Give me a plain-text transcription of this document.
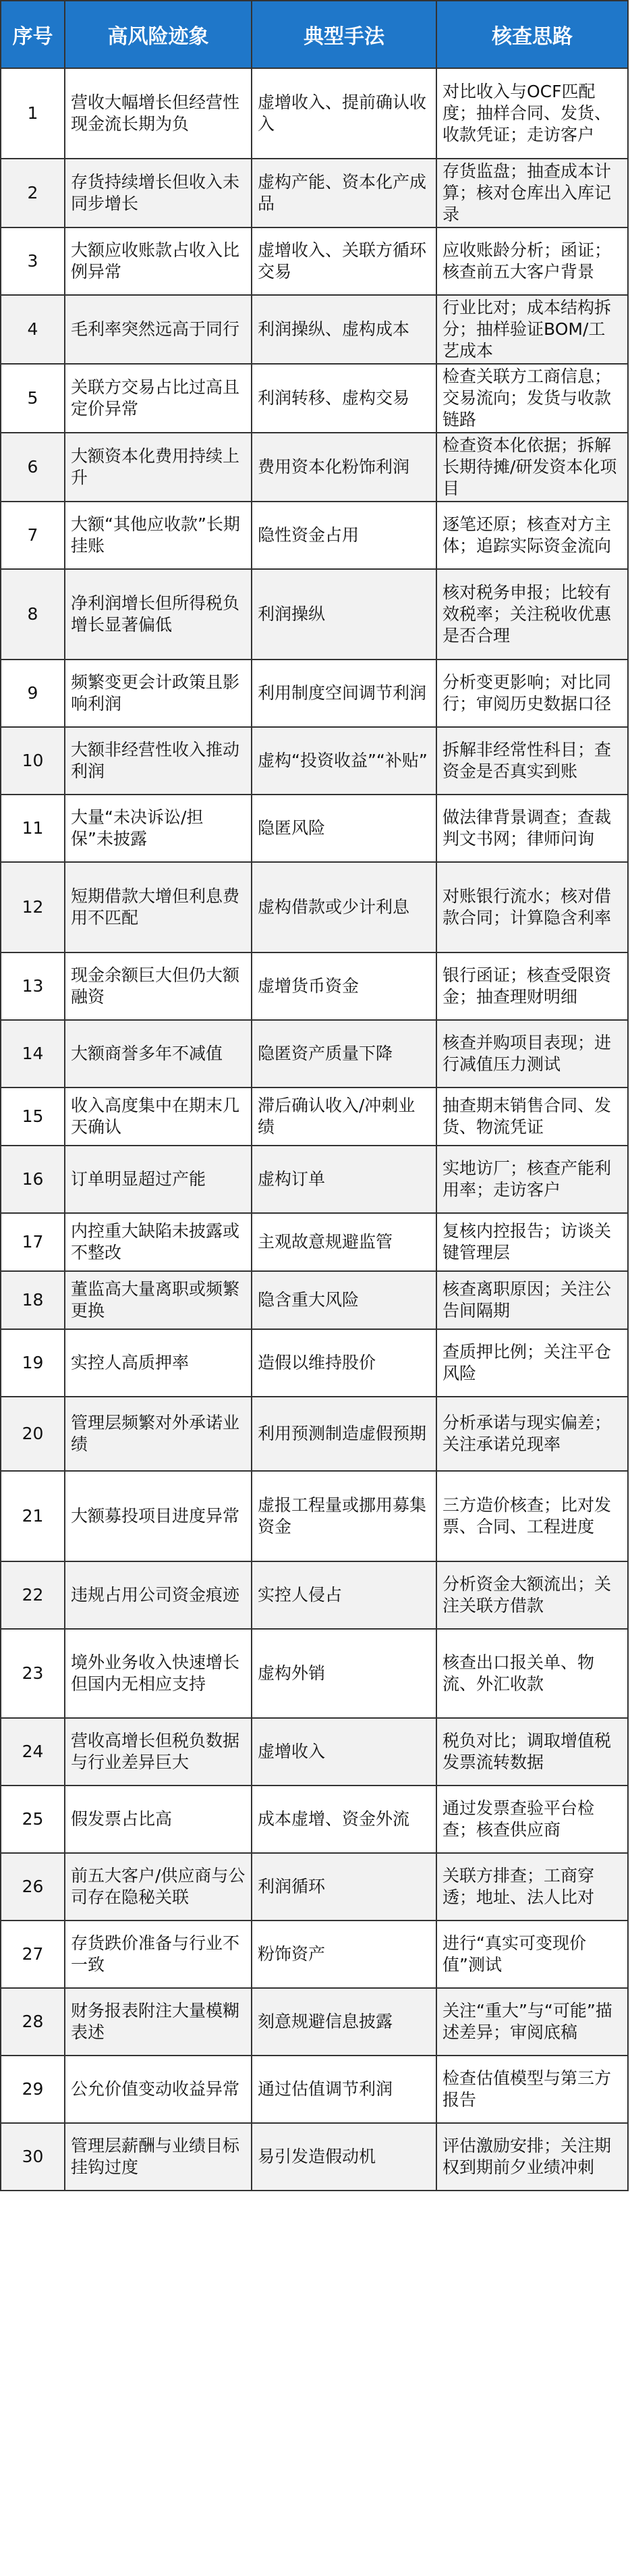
序号	高风险迹象	典型手法	核查思路
1	营收大幅增长但经营性现金流长期为负	虚增收入、提前确认收入	对比收入与OCF匹配度；抽样合同、发货、收款凭证；走访客户
2	存货持续增长但收入未同步增长	虚构产能、资本化产成品	存货监盘；抽查成本计算；核对仓库出入库记录
3	大额应收账款占收入比例异常	虚增收入、关联方循环交易	应收账龄分析；函证；核查前五大客户背景
4	毛利率突然远高于同行	利润操纵、虚构成本	行业比对；成本结构拆分；抽样验证BOM/工艺成本
5	关联方交易占比过高且定价异常	利润转移、虚构交易	检查关联方工商信息；交易流向；发货与收款链路
6	大额资本化费用持续上升	费用资本化粉饰利润	检查资本化依据；拆解长期待摊/研发资本化项目
7	大额“其他应收款”长期挂账	隐性资金占用	逐笔还原；核查对方主体；追踪实际资金流向
8	净利润增长但所得税负增长显著偏低	利润操纵	核对税务申报；比较有效税率；关注税收优惠是否合理
9	频繁变更会计政策且影响利润	利用制度空间调节利润	分析变更影响；对比同行；审阅历史数据口径
10	大额非经营性收入推动利润	虚构“投资收益”“补贴”	拆解非经常性科目；查资金是否真实到账
11	大量“未决诉讼/担保”未披露	隐匿风险	做法律背景调查；查裁判文书网；律师问询
12	短期借款大增但利息费用不匹配	虚构借款或少计利息	对账银行流水；核对借款合同；计算隐含利率
13	现金余额巨大但仍大额融资	虚增货币资金	银行函证；核查受限资金；抽查理财明细
14	大额商誉多年不减值	隐匿资产质量下降	核查并购项目表现；进行减值压力测试
15	收入高度集中在期末几天确认	滞后确认收入/冲刺业绩	抽查期末销售合同、发货、物流凭证
16	订单明显超过产能	虚构订单	实地访厂；核查产能利用率；走访客户
17	内控重大缺陷未披露或不整改	主观故意规避监管	复核内控报告；访谈关键管理层
18	董监高大量离职或频繁更换	隐含重大风险	核查离职原因；关注公告间隔期
19	实控人高质押率	造假以维持股价	查质押比例；关注平仓风险
20	管理层频繁对外承诺业绩	利用预测制造虚假预期	分析承诺与现实偏差；关注承诺兑现率
21	大额募投项目进度异常	虚报工程量或挪用募集资金	三方造价核查；比对发票、合同、工程进度
22	违规占用公司资金痕迹	实控人侵占	分析资金大额流出；关注关联方借款
23	境外业务收入快速增长但国内无相应支持	虚构外销	核查出口报关单、物流、外汇收款
24	营收高增长但税负数据与行业差异巨大	虚增收入	税负对比；调取增值税发票流转数据
25	假发票占比高	成本虚增、资金外流	通过发票查验平台检查；核查供应商
26	前五大客户/供应商与公司存在隐秘关联	利润循环	关联方排查；工商穿透；地址、法人比对
27	存货跌价准备与行业不一致	粉饰资产	进行“真实可变现价值”测试
28	财务报表附注大量模糊表述	刻意规避信息披露	关注“重大”与“可能”描述差异；审阅底稿
29	公允价值变动收益异常	通过估值调节利润	检查估值模型与第三方报告
30	管理层薪酬与业绩目标挂钩过度	易引发造假动机	评估激励安排；关注期权到期前夕业绩冲刺
